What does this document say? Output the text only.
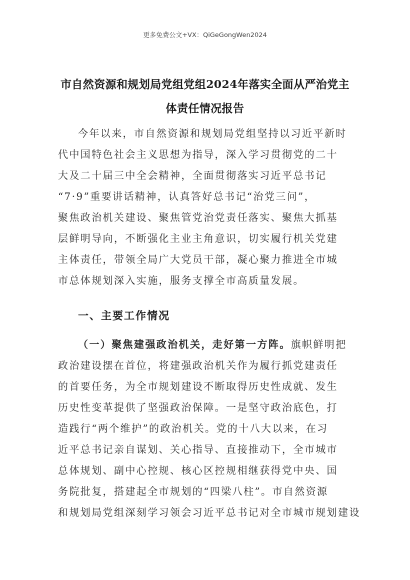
更多免费公文+VX：QiGeGongWen2024
市自然资源和规划局党组党组2024年落实全面从严治党主
体责任情况报告

今年以来，市自然资源和规划局党组坚持以习近平新时

代中国特色社会主义思想为指导，深入学习贯彻党的二十

大及二十届三中全会精神，全面贯彻落实习近平总书记

“7·9”重要讲话精神，认真答好总书记“治党三问”，

聚焦政治机关建设、聚焦管党治党责任落实、聚焦大抓基

层鲜明导向，不断强化主业主角意识，切实履行机关党建

主体责任，带领全局广大党员干部，凝心聚力推进全市城

市总体规划深入实施，服务支撑全市高质量发展。

一、主要工作情况

（一）聚焦建强政治机关，走好第一方阵。旗帜鲜明把

政治建设摆在首位，将建强政治机关作为履行抓党建责任

的首要任务，为全市规划建设不断取得历史性成就、发生

历史性变革提供了坚强政治保障。一是坚守政治底色，打

造践行“两个维护”的政治机关。党的十八大以来，在习

近平总书记亲自谋划、关心指导、直接推动下，全市城市

总体规划、副中心控规、核心区控规相继获得党中央、国

务院批复，搭建起全市规划的“四梁八柱”。市自然资源

和规划局党组深刻学习领会习近平总书记对全市城市规划建设
